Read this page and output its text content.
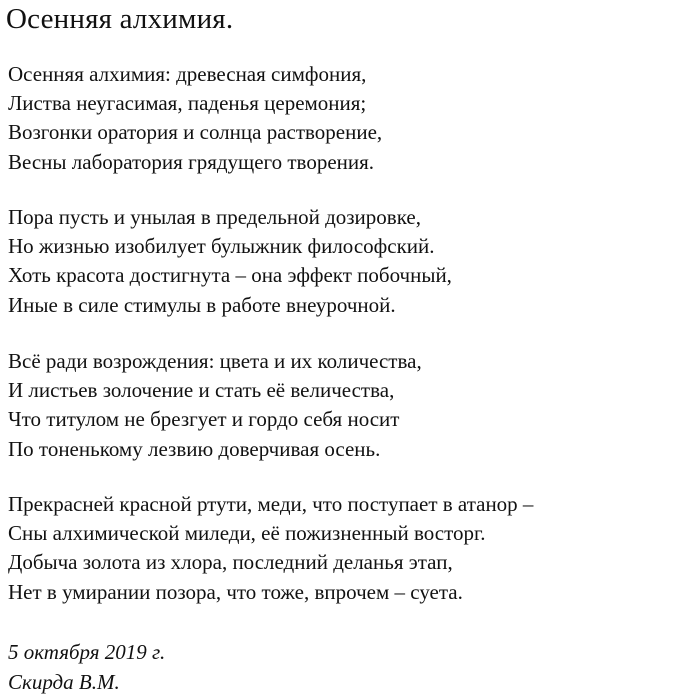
Осенняя алхимия.
Осенняя алхимия: древесная симфония,
Листва неугасимая, паденья церемония;
Возгонки оратория и солнца растворение,
Весны лаборатория грядущего творения.
Пора пусть и унылая в предельной дозировке,
Но жизнью изобилует булыжник философский.
Хоть красота достигнута – она эффект побочный,
Иные в силе стимулы в работе внеурочной.
Всё ради возрождения: цвета и их количества,
И листьев золочение и стать её величества,
Что титулом не брезгует и гордо себя носит
По тоненькому лезвию доверчивая осень.
Прекрасней красной ртути, меди, что поступает в атанор –
Сны алхимической миледи, её пожизненный восторг.
Добыча золота из хлора, последний деланья этап,
Нет в умирании позора, что тоже, впрочем – суета.
5 октября 2019 г.
Скирда В.М.
